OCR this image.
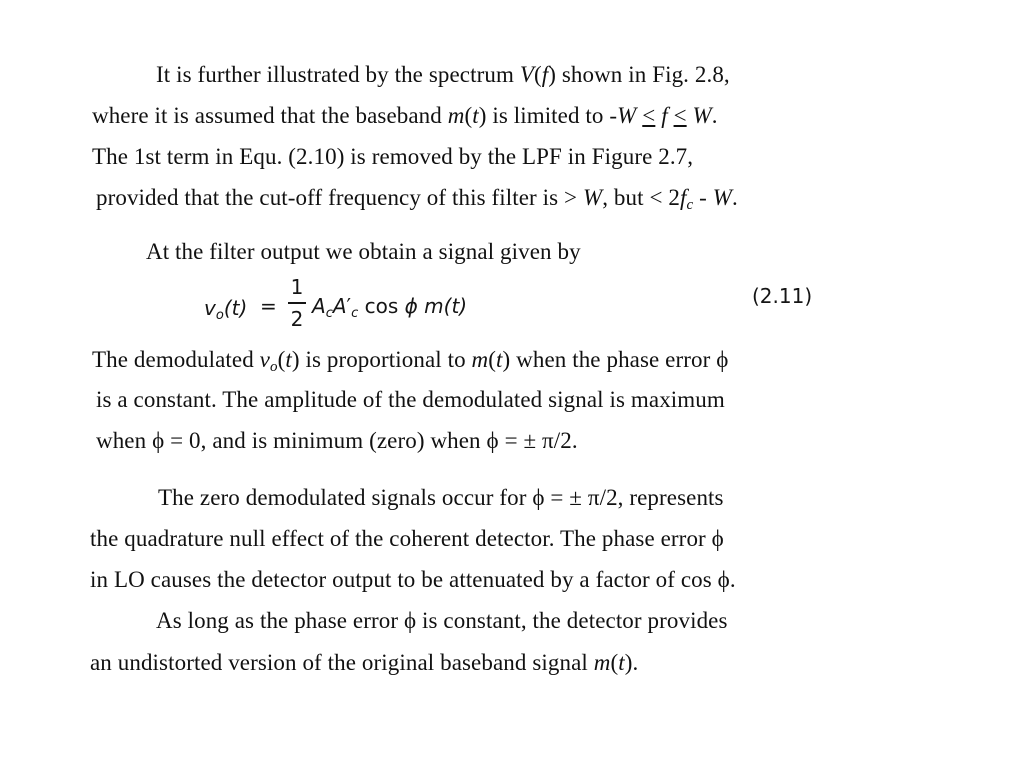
It is further illustrated by the spectrum V(f) shown in Fig. 2.8,
where it is assumed that the baseband m(t) is limited to -W ≤ f ≤ W.
The 1st term in Equ. (2.10) is removed by the LPF in Figure 2.7,
provided that the cut-off frequency of this filter is > W, but < $2f_c$ - W.
At the filter output we obtain a signal given by
$v_o(t)$ =
1
2
$A_cA'_c$ cos ϕ m(t)	(2.11)
The demodulated $v_o(t)$ is proportional to m(t) when the phase error ϕ
is a constant. The amplitude of the demodulated signal is maximum
when ϕ = 0, and is minimum (zero) when ϕ = ± π/2.
The zero demodulated signals occur for ϕ = ± π/2, represents
the quadrature null effect of the coherent detector. The phase error ϕ
in LO causes the detector output to be attenuated by a factor of cos ϕ.
As long as the phase error ϕ is constant, the detector provides
an undistorted version of the original baseband signal m(t).
